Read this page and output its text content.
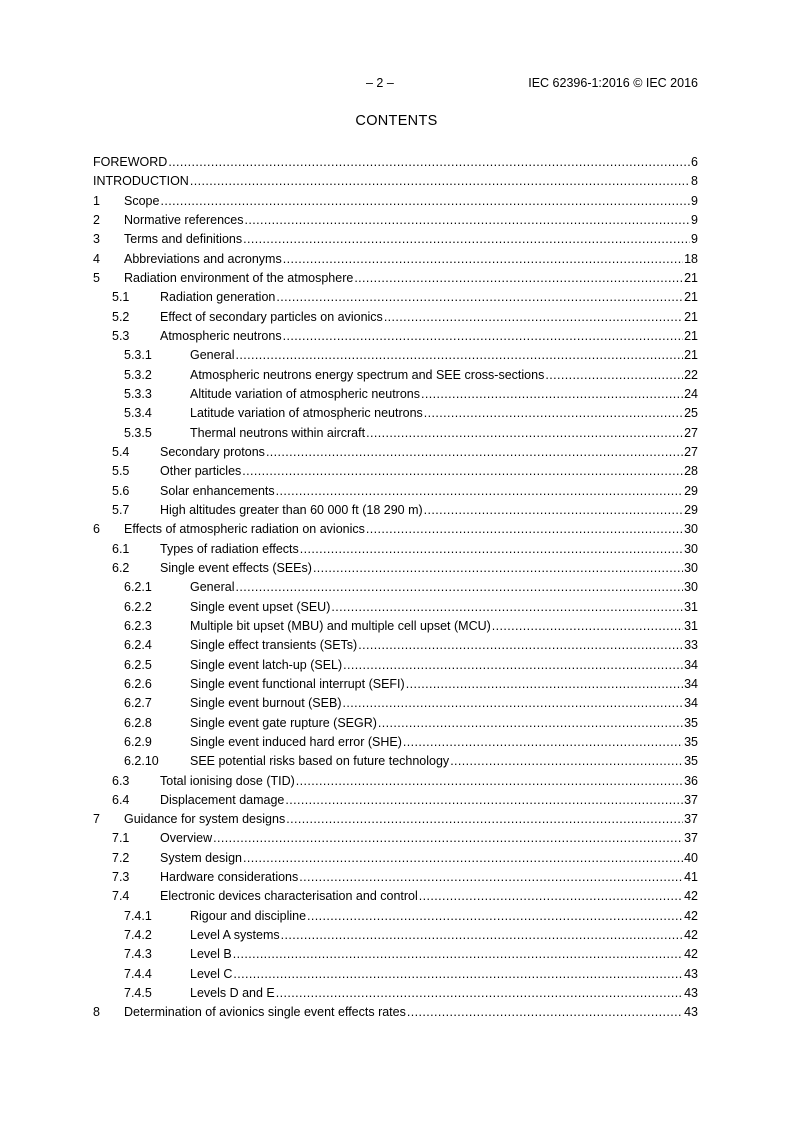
– 2 –	IEC 62396-1:2016 © IEC 2016
CONTENTS
FOREWORD .....	6
INTRODUCTION .....	8
1	Scope .....	9
2	Normative references .....	9
3	Terms and definitions .....	9
4	Abbreviations and acronyms .....	18
5	Radiation environment of the atmosphere .....	21
5.1	Radiation generation .....	21
5.2	Effect of secondary particles on avionics .....	21
5.3	Atmospheric neutrons .....	21
5.3.1	General .....	21
5.3.2	Atmospheric neutrons energy spectrum and SEE cross-sections .....	22
5.3.3	Altitude variation of atmospheric neutrons .....	24
5.3.4	Latitude variation of atmospheric neutrons .....	25
5.3.5	Thermal neutrons within aircraft .....	27
5.4	Secondary protons .....	27
5.5	Other particles .....	28
5.6	Solar enhancements .....	29
5.7	High altitudes greater than 60 000 ft (18 290 m) .....	29
6	Effects of atmospheric radiation on avionics .....	30
6.1	Types of radiation effects .....	30
6.2	Single event effects (SEEs) .....	30
6.2.1	General .....	30
6.2.2	Single event upset (SEU) .....	31
6.2.3	Multiple bit upset (MBU) and multiple cell upset (MCU) .....	31
6.2.4	Single effect transients (SETs) .....	33
6.2.5	Single event latch-up (SEL) .....	34
6.2.6	Single event functional interrupt (SEFI) .....	34
6.2.7	Single event burnout (SEB) .....	34
6.2.8	Single event gate rupture (SEGR) .....	35
6.2.9	Single event induced hard error (SHE) .....	35
6.2.10	SEE potential risks based on future technology .....	35
6.3	Total ionising dose (TID) .....	36
6.4	Displacement damage .....	37
7	Guidance for system designs .....	37
7.1	Overview .....	37
7.2	System design .....	40
7.3	Hardware considerations .....	41
7.4	Electronic devices characterisation and control .....	42
7.4.1	Rigour and discipline .....	42
7.4.2	Level A systems .....	42
7.4.3	Level B .....	42
7.4.4	Level C .....	43
7.4.5	Levels D and E .....	43
8	Determination of avionics single event effects rates .....	43
